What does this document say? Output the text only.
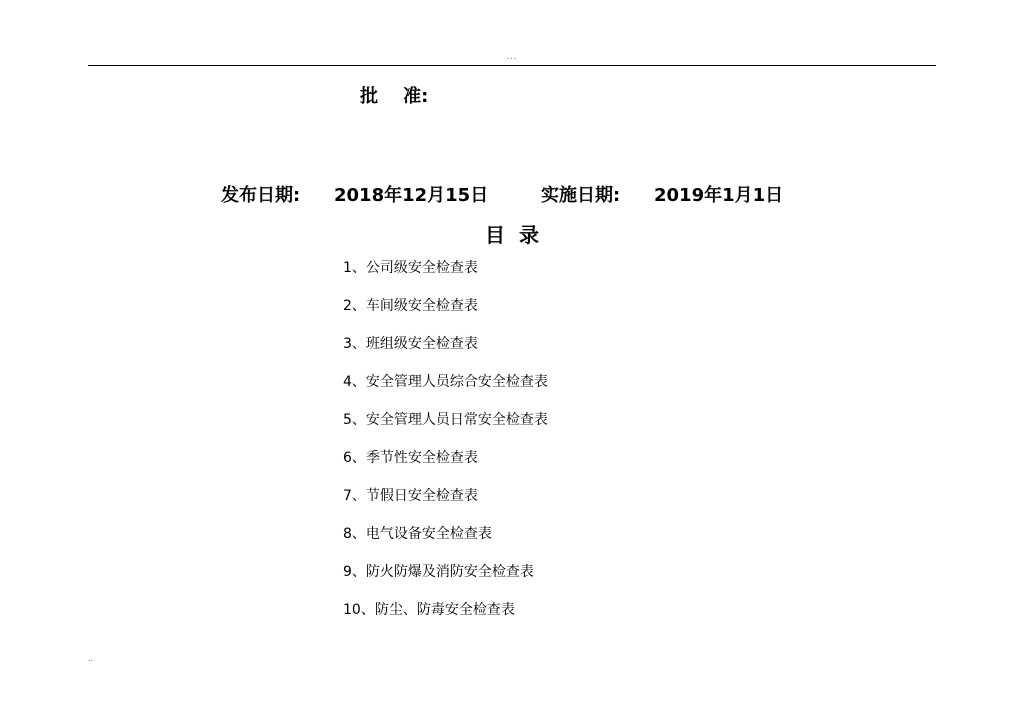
...
批    准:
发布日期: 2018年12月15日	实施日期: 2019年1月1日
目  录
1、公司级安全检查表
2、车间级安全检查表
3、班组级安全检查表
4、安全管理人员综合安全检查表
5、安全管理人员日常安全检查表
6、季节性安全检查表
7、节假日安全检查表
8、电气设备安全检查表
9、防火防爆及消防安全检查表
10、防尘、防毒安全检查表
..
